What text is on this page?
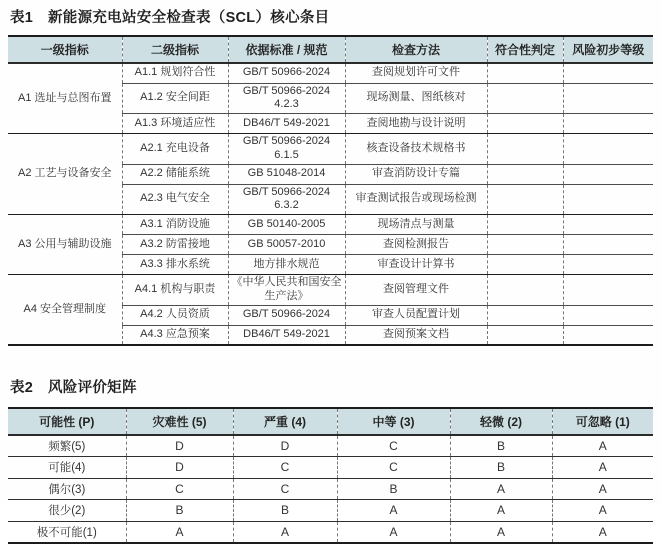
表1　新能源充电站安全检查表（SCL）核心条目
一级指标	二级指标	依据标准 / 规范	检查方法	符合性判定	风险初步等级
A1 选址与总图布置	A1.1 规划符合性	GB/T 50966-2024	查阅规划许可文件		
	A1.2 安全间距	GB/T 50966-2024 4.2.3	现场测量、图纸核对		
	A1.3 环境适应性	DB46/T 549-2021	查阅地勘与设计说明		
A2 工艺与设备安全	A2.1 充电设备	GB/T 50966-2024 6.1.5	核查设备技术规格书		
	A2.2 储能系统	GB 51048-2014	审查消防设计专篇		
	A2.3 电气安全	GB/T 50966-2024 6.3.2	审查测试报告或现场检测		
A3 公用与辅助设施	A3.1 消防设施	GB 50140-2005	现场清点与测量		
	A3.2 防雷接地	GB 50057-2010	查阅检测报告		
	A3.3 排水系统	地方排水规范	审查设计计算书		
A4 安全管理制度	A4.1 机构与职责	《中华人民共和国安全生产法》	查阅管理文件		
	A4.2 人员资质	GB/T 50966-2024	审查人员配置计划		
	A4.3 应急预案	DB46/T 549-2021	查阅预案文档		
表2　风险评价矩阵
可能性 (P)	灾难性 (5)	严重 (4)	中等 (3)	轻微 (2)	可忽略 (1)
频繁(5)	D	D	C	B	A
可能(4)	D	C	C	B	A
偶尔(3)	C	C	B	A	A
很少(2)	B	B	A	A	A
极不可能(1)	A	A	A	A	A
